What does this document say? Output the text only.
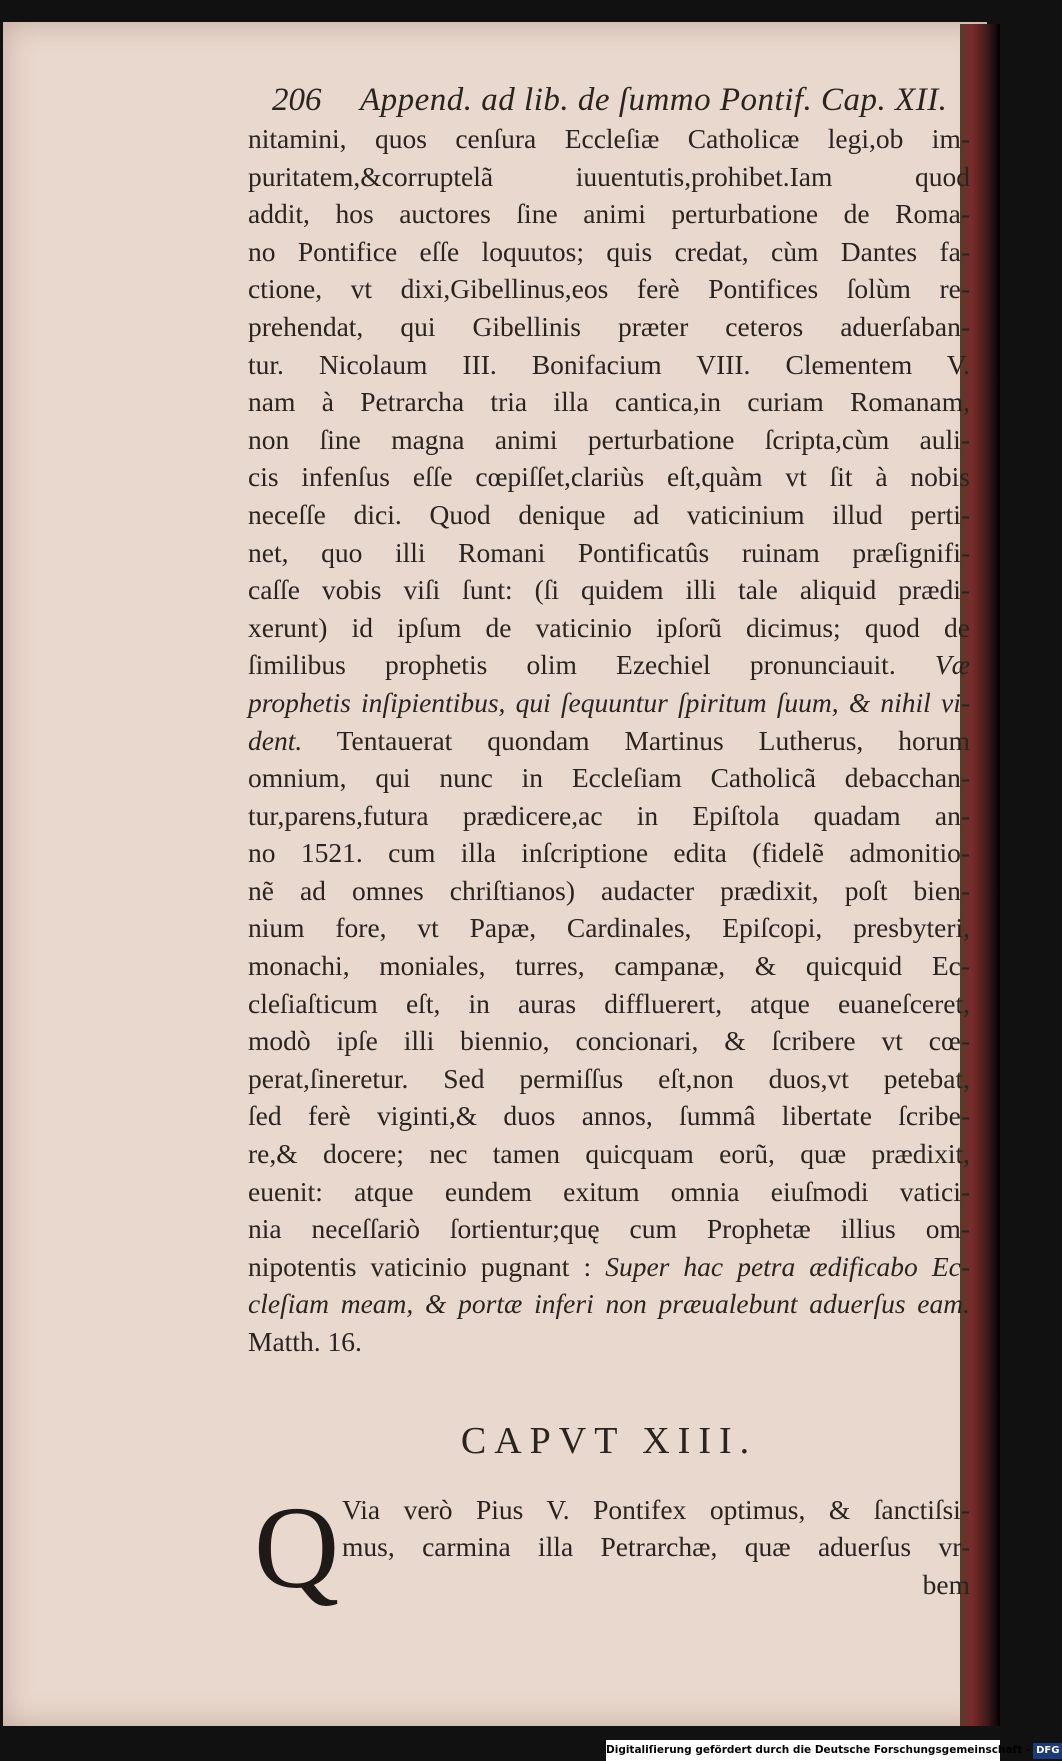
206 Append. ad lib. de ſummo Pontif. Cap. XII.
nitamini, quos cenſura Eccleſiæ Catholicæ legi,ob im-
puritatem,&corruptelã iuuentutis,prohibet.Iam quod
addit, hos auctores ſine animi perturbatione de Roma-
no Pontifice eſſe loquutos; quis credat, cùm Dantes fa-
ctione, vt dixi,Gibellinus,eos ferè Pontifices ſolùm re-
prehendat, qui Gibellinis præter ceteros aduerſaban-
tur. Nicolaum III. Bonifacium VIII. Clementem V.
nam à Petrarcha tria illa cantica,in curiam Romanam,
non ſine magna animi perturbatione ſcripta,cùm auli-
cis infenſus eſſe cœpiſſet,clariùs eſt,quàm vt ſit à nobis
neceſſe dici. Quod denique ad vaticinium illud perti-
net, quo illi Romani Pontificatûs ruinam præſignifi-
caſſe vobis viſi ſunt: (ſi quidem illi tale aliquid prædi-
xerunt) id ipſum de vaticinio ipſorũ dicimus; quod de
ſimilibus prophetis olim Ezechiel pronunciauit. Væ
prophetis inſipientibus, qui ſequuntur ſpiritum ſuum, & nihil vi-
dent. Tentauerat quondam Martinus Lutherus, horum
omnium, qui nunc in Eccleſiam Catholicã debacchan-
tur,parens,futura prædicere,ac in Epiſtola quadam an-
no 1521. cum illa inſcriptione edita (fidelẽ admonitio-
nẽ ad omnes chriſtianos) audacter prædixit, poſt bien-
nium fore, vt Papæ, Cardinales, Epiſcopi, presbyteri,
monachi, moniales, turres, campanæ, & quicquid Ec-
cleſiaſticum eſt, in auras diffluerert, atque euaneſceret,
modò ipſe illi biennio, concionari, & ſcribere vt cœ-
perat,ſineretur. Sed permiſſus eſt,non duos,vt petebat,
ſed ferè viginti,& duos annos, ſummâ libertate ſcribe-
re,& docere; nec tamen quicquam eorũ, quæ prædixit,
euenit: atque eundem exitum omnia eiuſmodi vatici-
nia neceſſariò ſortientur;quę cum Prophetæ illius om-
nipotentis vaticinio pugnant : Super hac petra ædificabo Ec-
cleſiam meam, & portæ inferi non præualebunt aduerſus eam.
Matth. 16.
CAPVT XIII.
Q Via verò Pius V. Pontifex optimus, & ſanctiſsi-
mus, carmina illa Petrarchæ, quæ aduerſus vr-
bem
Digitaliſierung gefördert durch die Deutsche Forschungsgemeinschaft - DFG
